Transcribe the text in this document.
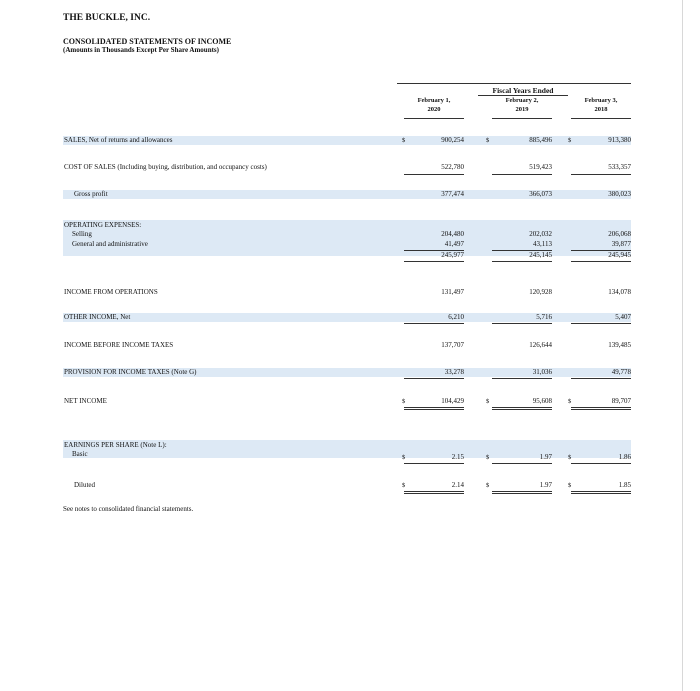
THE BUCKLE, INC.
CONSOLIDATED STATEMENTS OF INCOME
(Amounts in Thousands Except Per Share Amounts)
Fiscal Years Ended
February 1,
2020
February 2,
2019
February 3,
2018
SALES, Net of returns and allowances	$	900,254	$	885,496 $	913,380
COST OF SALES (Including buying, distribution, and occupancy costs)	522,780	519,423	533,357
Gross profit	377,474	366,073	380,023
OPERATING EXPENSES:
Selling	204,480	202,032	206,068
General and administrative	41,497	43,113	39,877
245,977	245,145	245,945
INCOME FROM OPERATIONS	131,497	120,928	134,078
OTHER INCOME, Net	6,210	5,716	5,407
INCOME BEFORE INCOME TAXES	137,707	126,644	139,485
PROVISION FOR INCOME TAXES (Note G)	33,278	31,036	49,778
NET INCOME	$	104,429	$	95,608 $	89,707
EARNINGS PER SHARE (Note L):
Basic	$	2.15	$	1.97 $	1.86
Diluted	$	2.14	$	1.97 $	1.85
See notes to consolidated financial statements.
